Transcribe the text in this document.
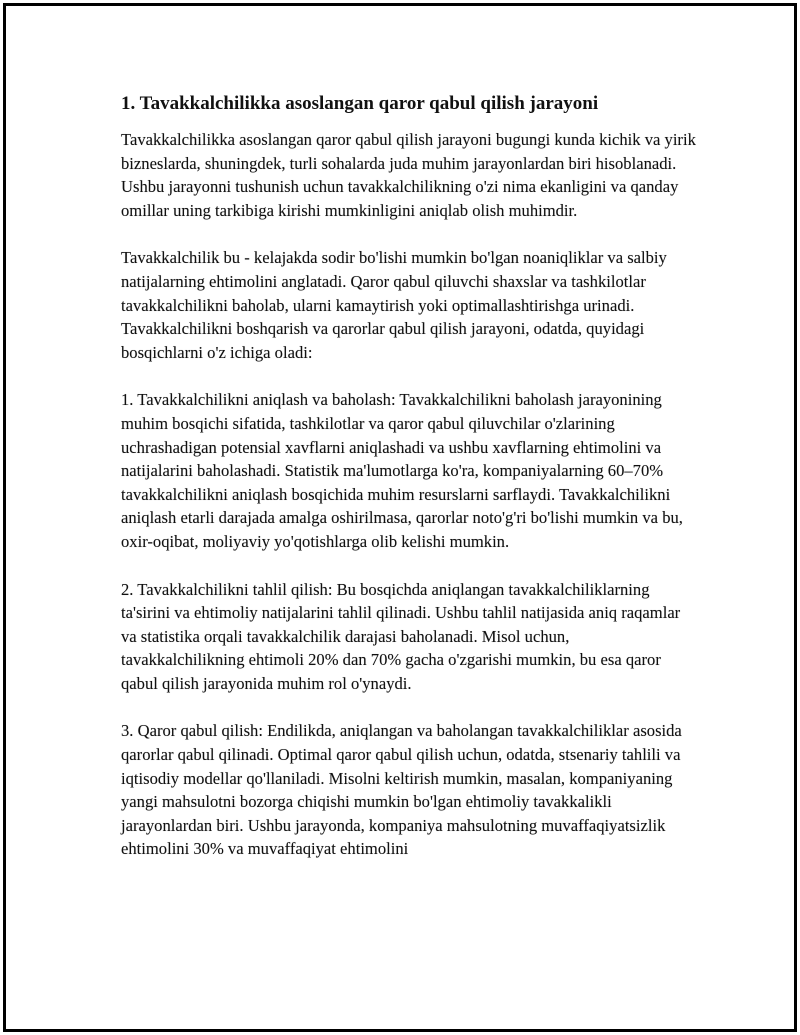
1. Tavakkalchilikka asoslangan qaror qabul qilish jarayoni

Tavakkalchilikka asoslangan qaror qabul qilish jarayoni bugungi kunda kichik va yirik bizneslarda, shuningdek, turli sohalarda juda muhim jarayonlardan biri hisoblanadi. Ushbu jarayonni tushunish uchun tavakkalchilikning o'zi nima ekanligini va qanday omillar uning tarkibiga kirishi mumkinligini aniqlab olish muhimdir.

Tavakkalchilik bu - kelajakda sodir bo'lishi mumkin bo'lgan noaniqliklar va salbiy natijalarning ehtimolini anglatadi. Qaror qabul qiluvchi shaxslar va tashkilotlar tavakkalchilikni baholab, ularni kamaytirish yoki optimallashtirishga urinadi. Tavakkalchilikni boshqarish va qarorlar qabul qilish jarayoni, odatda, quyidagi bosqichlarni o'z ichiga oladi:

1. Tavakkalchilikni aniqlash va baholash: Tavakkalchilikni baholash jarayonining muhim bosqichi sifatida, tashkilotlar va qaror qabul qiluvchilar o'zlarining uchrashadigan potensial xavflarni aniqlashadi va ushbu xavflarning ehtimolini va natijalarini baholashadi. Statistik ma'lumotlarga ko'ra, kompaniyalarning 60–70% tavakkalchilikni aniqlash bosqichida muhim resurslarni sarflaydi. Tavakkalchilikni aniqlash etarli darajada amalga oshirilmasa, qarorlar noto'g'ri bo'lishi mumkin va bu, oxir-oqibat, moliyaviy yo'qotishlarga olib kelishi mumkin.

2. Tavakkalchilikni tahlil qilish: Bu bosqichda aniqlangan tavakkalchiliklarning ta'sirini va ehtimoliy natijalarini tahlil qilinadi. Ushbu tahlil natijasida aniq raqamlar va statistika orqali tavakkalchilik darajasi baholanadi. Misol uchun, tavakkalchilikning ehtimoli 20% dan 70% gacha o'zgarishi mumkin, bu esa qaror qabul qilish jarayonida muhim rol o'ynaydi.

3. Qaror qabul qilish: Endilikda, aniqlangan va baholangan tavakkalchiliklar asosida qarorlar qabul qilinadi. Optimal qaror qabul qilish uchun, odatda, stsenariy tahlili va iqtisodiy modellar qo'llaniladi. Misolni keltirish mumkin, masalan, kompaniyaning yangi mahsulotni bozorga chiqishi mumkin bo'lgan ehtimoliy tavakkalikli jarayonlardan biri. Ushbu jarayonda, kompaniya mahsulotning muvaffaqiyatsizlik ehtimolini 30% va muvaffaqiyat ehtimolini
